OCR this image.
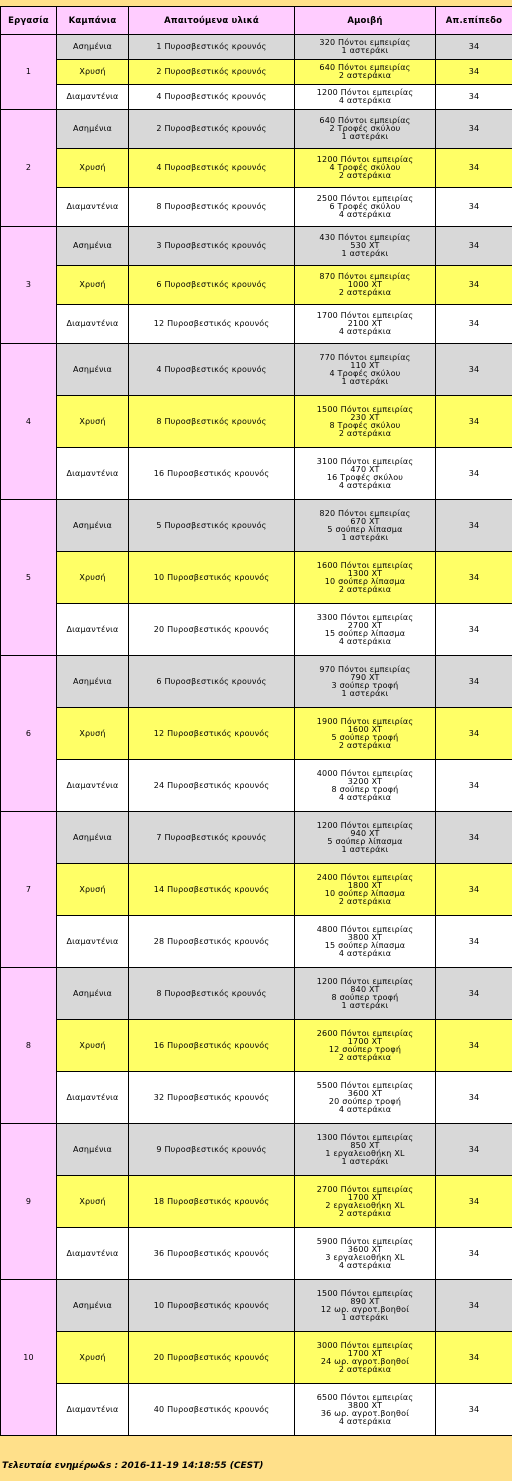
Εργασία	Καμπάνια	Απαιτούμενα υλικά	Αμοιβή	Απ.επίπεδο
1	Ασημένια	1 Πυροσβεστικός κρουνός	320 Πόντοι εμπειρίας
1 αστεράκι	34
	Χρυσή	2 Πυροσβεστικός κρουνός	640 Πόντοι εμπειρίας
2 αστεράκια	34
	Διαμαντένια	4 Πυροσβεστικός κρουνός	1200 Πόντοι εμπειρίας
4 αστεράκια	34
2	Ασημένια	2 Πυροσβεστικός κρουνός	640 Πόντοι εμπειρίας
2 Τροφές σκύλου
1 αστεράκι	34
	Χρυσή	4 Πυροσβεστικός κρουνός	1200 Πόντοι εμπειρίας
4 Τροφές σκύλου
2 αστεράκια	34
	Διαμαντένια	8 Πυροσβεστικός κρουνός	2500 Πόντοι εμπειρίας
6 Τροφές σκύλου
4 αστεράκια	34
3	Ασημένια	3 Πυροσβεστικός κρουνός	430 Πόντοι εμπειρίας
530 XT
1 αστεράκι	34
	Χρυσή	6 Πυροσβεστικός κρουνός	870 Πόντοι εμπειρίας
1000 XT
2 αστεράκια	34
	Διαμαντένια	12 Πυροσβεστικός κρουνός	1700 Πόντοι εμπειρίας
2100 XT
4 αστεράκια	34
4	Ασημένια	4 Πυροσβεστικός κρουνός	770 Πόντοι εμπειρίας
110 XT
4 Τροφές σκύλου
1 αστεράκι	34
	Χρυσή	8 Πυροσβεστικός κρουνός	1500 Πόντοι εμπειρίας
230 XT
8 Τροφές σκύλου
2 αστεράκια	34
	Διαμαντένια	16 Πυροσβεστικός κρουνός	3100 Πόντοι εμπειρίας
470 XT
16 Τροφές σκύλου
4 αστεράκια	34
5	Ασημένια	5 Πυροσβεστικός κρουνός	820 Πόντοι εμπειρίας
670 XT
5 σούπερ λίπασμα
1 αστεράκι	34
	Χρυσή	10 Πυροσβεστικός κρουνός	1600 Πόντοι εμπειρίας
1300 XT
10 σούπερ λίπασμα
2 αστεράκια	34
	Διαμαντένια	20 Πυροσβεστικός κρουνός	3300 Πόντοι εμπειρίας
2700 XT
15 σούπερ λίπασμα
4 αστεράκια	34
6	Ασημένια	6 Πυροσβεστικός κρουνός	970 Πόντοι εμπειρίας
790 XT
3 σούπερ τροφή
1 αστεράκι	34
	Χρυσή	12 Πυροσβεστικός κρουνός	1900 Πόντοι εμπειρίας
1600 XT
5 σούπερ τροφή
2 αστεράκια	34
	Διαμαντένια	24 Πυροσβεστικός κρουνός	4000 Πόντοι εμπειρίας
3200 XT
8 σούπερ τροφή
4 αστεράκια	34
7	Ασημένια	7 Πυροσβεστικός κρουνός	1200 Πόντοι εμπειρίας
940 XT
5 σούπερ λίπασμα
1 αστεράκι	34
	Χρυσή	14 Πυροσβεστικός κρουνός	2400 Πόντοι εμπειρίας
1800 XT
10 σούπερ λίπασμα
2 αστεράκια	34
	Διαμαντένια	28 Πυροσβεστικός κρουνός	4800 Πόντοι εμπειρίας
3800 XT
15 σούπερ λίπασμα
4 αστεράκια	34
8	Ασημένια	8 Πυροσβεστικός κρουνός	1200 Πόντοι εμπειρίας
840 XT
8 σούπερ τροφή
1 αστεράκι	34
	Χρυσή	16 Πυροσβεστικός κρουνός	2600 Πόντοι εμπειρίας
1700 XT
12 σούπερ τροφή
2 αστεράκια	34
	Διαμαντένια	32 Πυροσβεστικός κρουνός	5500 Πόντοι εμπειρίας
3600 XT
20 σούπερ τροφή
4 αστεράκια	34
9	Ασημένια	9 Πυροσβεστικός κρουνός	1300 Πόντοι εμπειρίας
850 XT
1 εργαλειοθήκη XL
1 αστεράκι	34
	Χρυσή	18 Πυροσβεστικός κρουνός	2700 Πόντοι εμπειρίας
1700 XT
2 εργαλειοθήκη XL
2 αστεράκια	34
	Διαμαντένια	36 Πυροσβεστικός κρουνός	5900 Πόντοι εμπειρίας
3600 XT
3 εργαλειοθήκη XL
4 αστεράκια	34
10	Ασημένια	10 Πυροσβεστικός κρουνός	1500 Πόντοι εμπειρίας
890 XT
12 ωρ. αγροτ.βοηθοί
1 αστεράκι	34
	Χρυσή	20 Πυροσβεστικός κρουνός	3000 Πόντοι εμπειρίας
1700 XT
24 ωρ. αγροτ.βοηθοί
2 αστεράκια	34
	Διαμαντένια	40 Πυροσβεστικός κρουνός	6500 Πόντοι εμπειρίας
3800 XT
36 ωρ. αγροτ.βοηθοί
4 αστεράκια	34
Τελευταία ενημέρω&s : 2016-11-19 14:18:55 (CEST)
